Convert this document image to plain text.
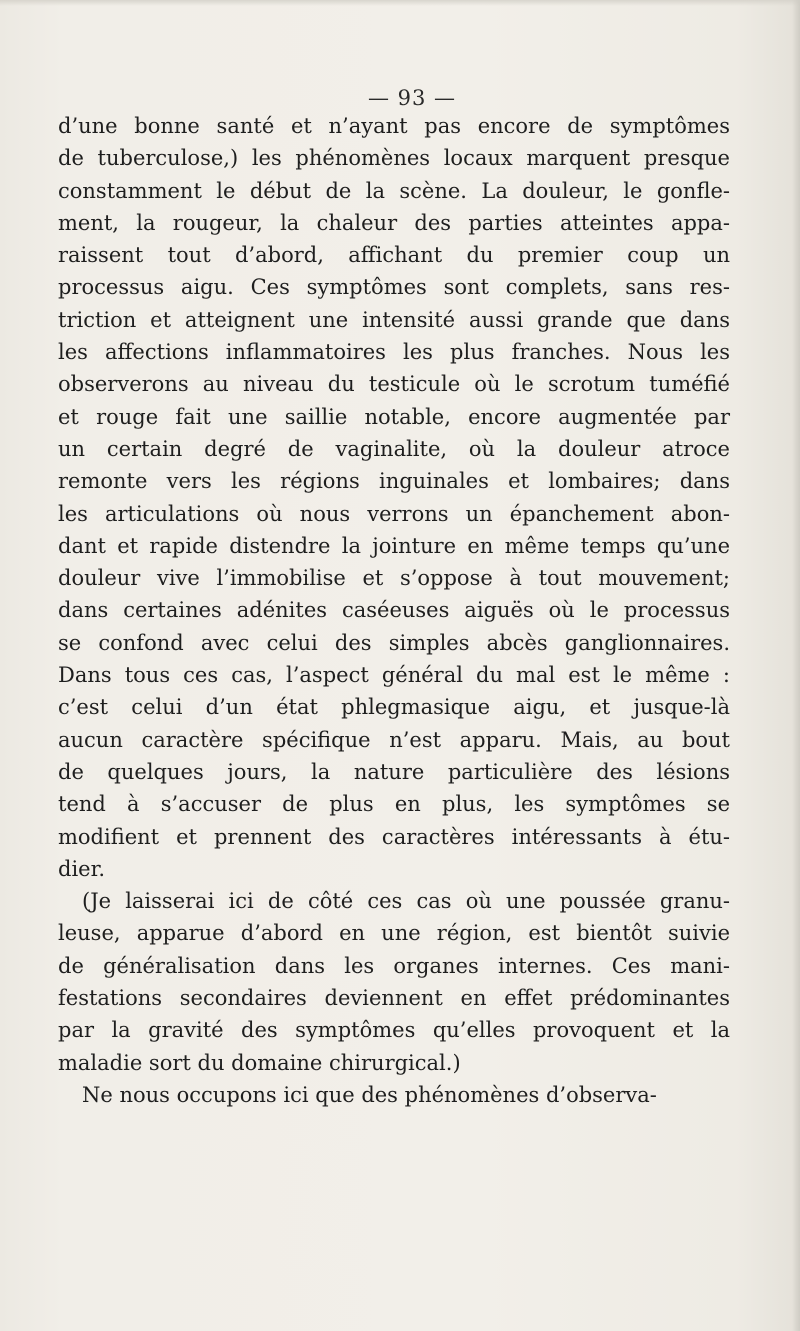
— 93 —
d’une bonne santé et n’ayant pas encore de symptômes
de tuberculose,) les phénomènes locaux marquent presque
constamment le début de la scène. La douleur, le gonfle-
ment, la rougeur, la chaleur des parties atteintes appa-
raissent tout d’abord, affichant du premier coup un
processus aigu. Ces symptômes sont complets, sans res-
triction et atteignent une intensité aussi grande que dans
les affections inflammatoires les plus franches. Nous les
observerons au niveau du testicule où le scrotum tuméfié
et rouge fait une saillie notable, encore augmentée par
un certain degré de vaginalite, où la douleur atroce
remonte vers les régions inguinales et lombaires; dans
les articulations où nous verrons un épanchement abon-
dant et rapide distendre la jointure en même temps qu’une
douleur vive l’immobilise et s’oppose à tout mouvement;
dans certaines adénites caséeuses aiguës où le processus
se confond avec celui des simples abcès ganglionnaires.
Dans tous ces cas, l’aspect général du mal est le même :
c’est celui d’un état phlegmasique aigu, et jusque-là
aucun caractère spécifique n’est apparu. Mais, au bout
de quelques jours, la nature particulière des lésions
tend à s’accuser de plus en plus, les symptômes se
modifient et prennent des caractères intéressants à étu-
dier.
(Je laisserai ici de côté ces cas où une poussée granu-
leuse, apparue d’abord en une région, est bientôt suivie
de généralisation dans les organes internes. Ces mani-
festations secondaires deviennent en effet prédominantes
par la gravité des symptômes qu’elles provoquent et la
maladie sort du domaine chirurgical.)
Ne nous occupons ici que des phénomènes d’observa-
